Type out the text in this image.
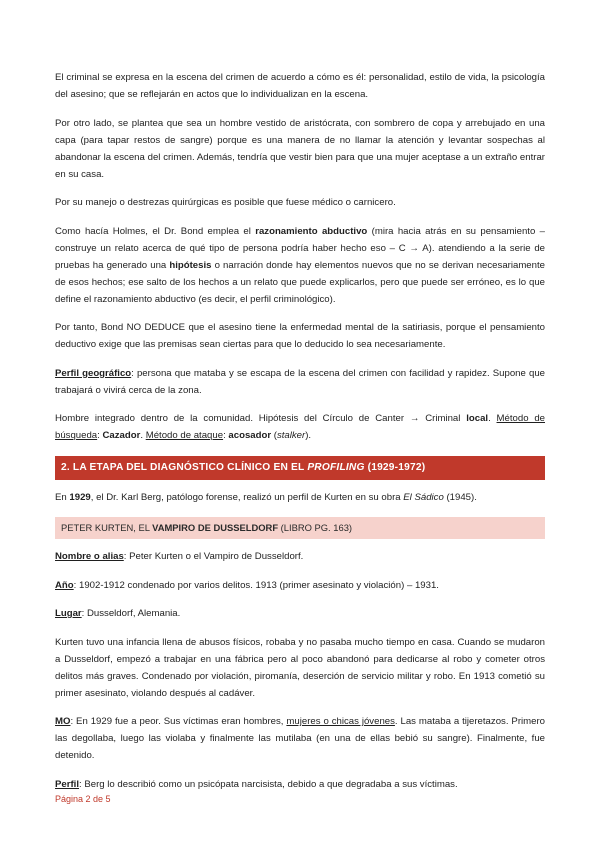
El criminal se expresa en la escena del crimen de acuerdo a cómo es él: personalidad, estilo de vida, la psicología del asesino; que se reflejarán en actos que lo individualizan en la escena.

Por otro lado, se plantea que sea un hombre vestido de aristócrata, con sombrero de copa y arrebujado en una capa (para tapar restos de sangre) porque es una manera de no llamar la atención y levantar sospechas al abandonar la escena del crimen. Además, tendría que vestir bien para que una mujer aceptase a un extraño entrar en su casa.

Por su manejo o destrezas quirúrgicas es posible que fuese médico o carnicero.

Como hacía Holmes, el Dr. Bond emplea el razonamiento abductivo (mira hacia atrás en su pensamiento – construye un relato acerca de qué tipo de persona podría haber hecho eso – C → A). atendiendo a la serie de pruebas ha generado una hipótesis o narración donde hay elementos nuevos que no se derivan necesariamente de esos hechos; ese salto de los hechos a un relato que puede explicarlos, pero que puede ser erróneo, es lo que define el razonamiento abductivo (es decir, el perfil criminológico).

Por tanto, Bond NO DEDUCE que el asesino tiene la enfermedad mental de la satiriasis, porque el pensamiento deductivo exige que las premisas sean ciertas para que lo deducido lo sea necesariamente.

Perfil geográfico: persona que mataba y se escapa de la escena del crimen con facilidad y rapidez. Supone que trabajará o vivirá cerca de la zona.

Hombre integrado dentro de la comunidad. Hipótesis del Círculo de Canter → Criminal local. Método de búsqueda: Cazador. Método de ataque: acosador (stalker).

2. LA ETAPA DEL DIAGNÓSTICO CLÍNICO EN EL PROFILING (1929-1972)

En 1929, el Dr. Karl Berg, patólogo forense, realizó un perfil de Kurten en su obra El Sádico (1945).

PETER KURTEN, EL VAMPIRO DE DUSSELDORF (LIBRO PG. 163)

Nombre o alias: Peter Kurten o el Vampiro de Dusseldorf.

Año: 1902-1912 condenado por varios delitos. 1913 (primer asesinato y violación) – 1931.

Lugar: Dusseldorf, Alemania.

Kurten tuvo una infancia llena de abusos físicos, robaba y no pasaba mucho tiempo en casa. Cuando se mudaron a Dusseldorf, empezó a trabajar en una fábrica pero al poco abandonó para dedicarse al robo y cometer otros delitos más graves. Condenado por violación, piromanía, deserción de servicio militar y robo. En 1913 cometió su primer asesinato, violando después al cadáver.

MO: En 1929 fue a peor. Sus víctimas eran hombres, mujeres o chicas jóvenes. Las mataba a tijeretazos. Primero las degollaba, luego las violaba y finalmente las mutilaba (en una de ellas bebió su sangre). Finalmente, fue detenido.

Perfil: Berg lo describió como un psicópata narcisista, debido a que degradaba a sus víctimas.

Página 2 de 5
